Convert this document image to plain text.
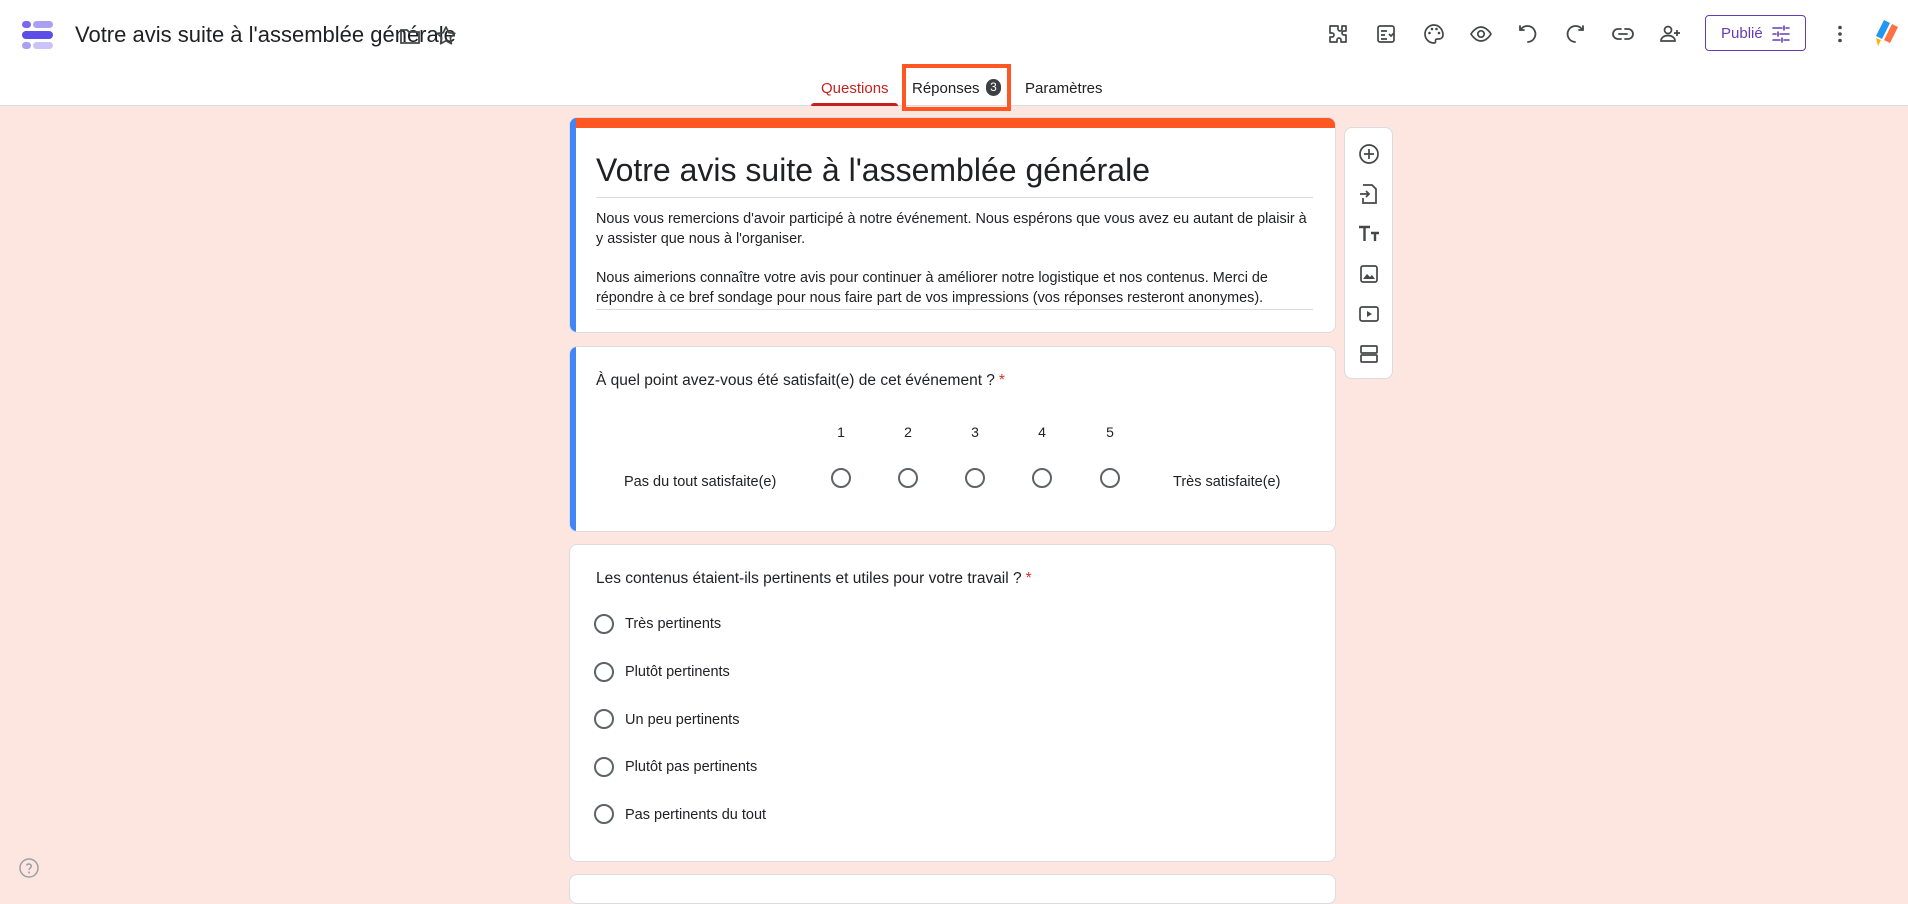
Votre avis suite à l'assemblée générale	Publié
Questions Réponses	Paramètres
3
Votre avis suite à l'assemblée générale
Nous vous remercions d'avoir participé à notre événement. Nous espérons que vous avez eu autant de plaisir à y assister que nous à l'organiser.
Nous aimerions connaître votre avis pour continuer à améliorer notre logistique et nos contenus. Merci de répondre à ce bref sondage pour nous faire part de vos impressions (vos réponses resteront anonymes).
À quel point avez-vous été satisfait(e) de cet événement ? *
1	2	3	4	5
Pas du tout satisfaite(e)	Très satisfaite(e)
Les contenus étaient-ils pertinents et utiles pour votre travail ? *
Très pertinents
Plutôt pertinents
Un peu pertinents
Plutôt pas pertinents
Pas pertinents du tout
